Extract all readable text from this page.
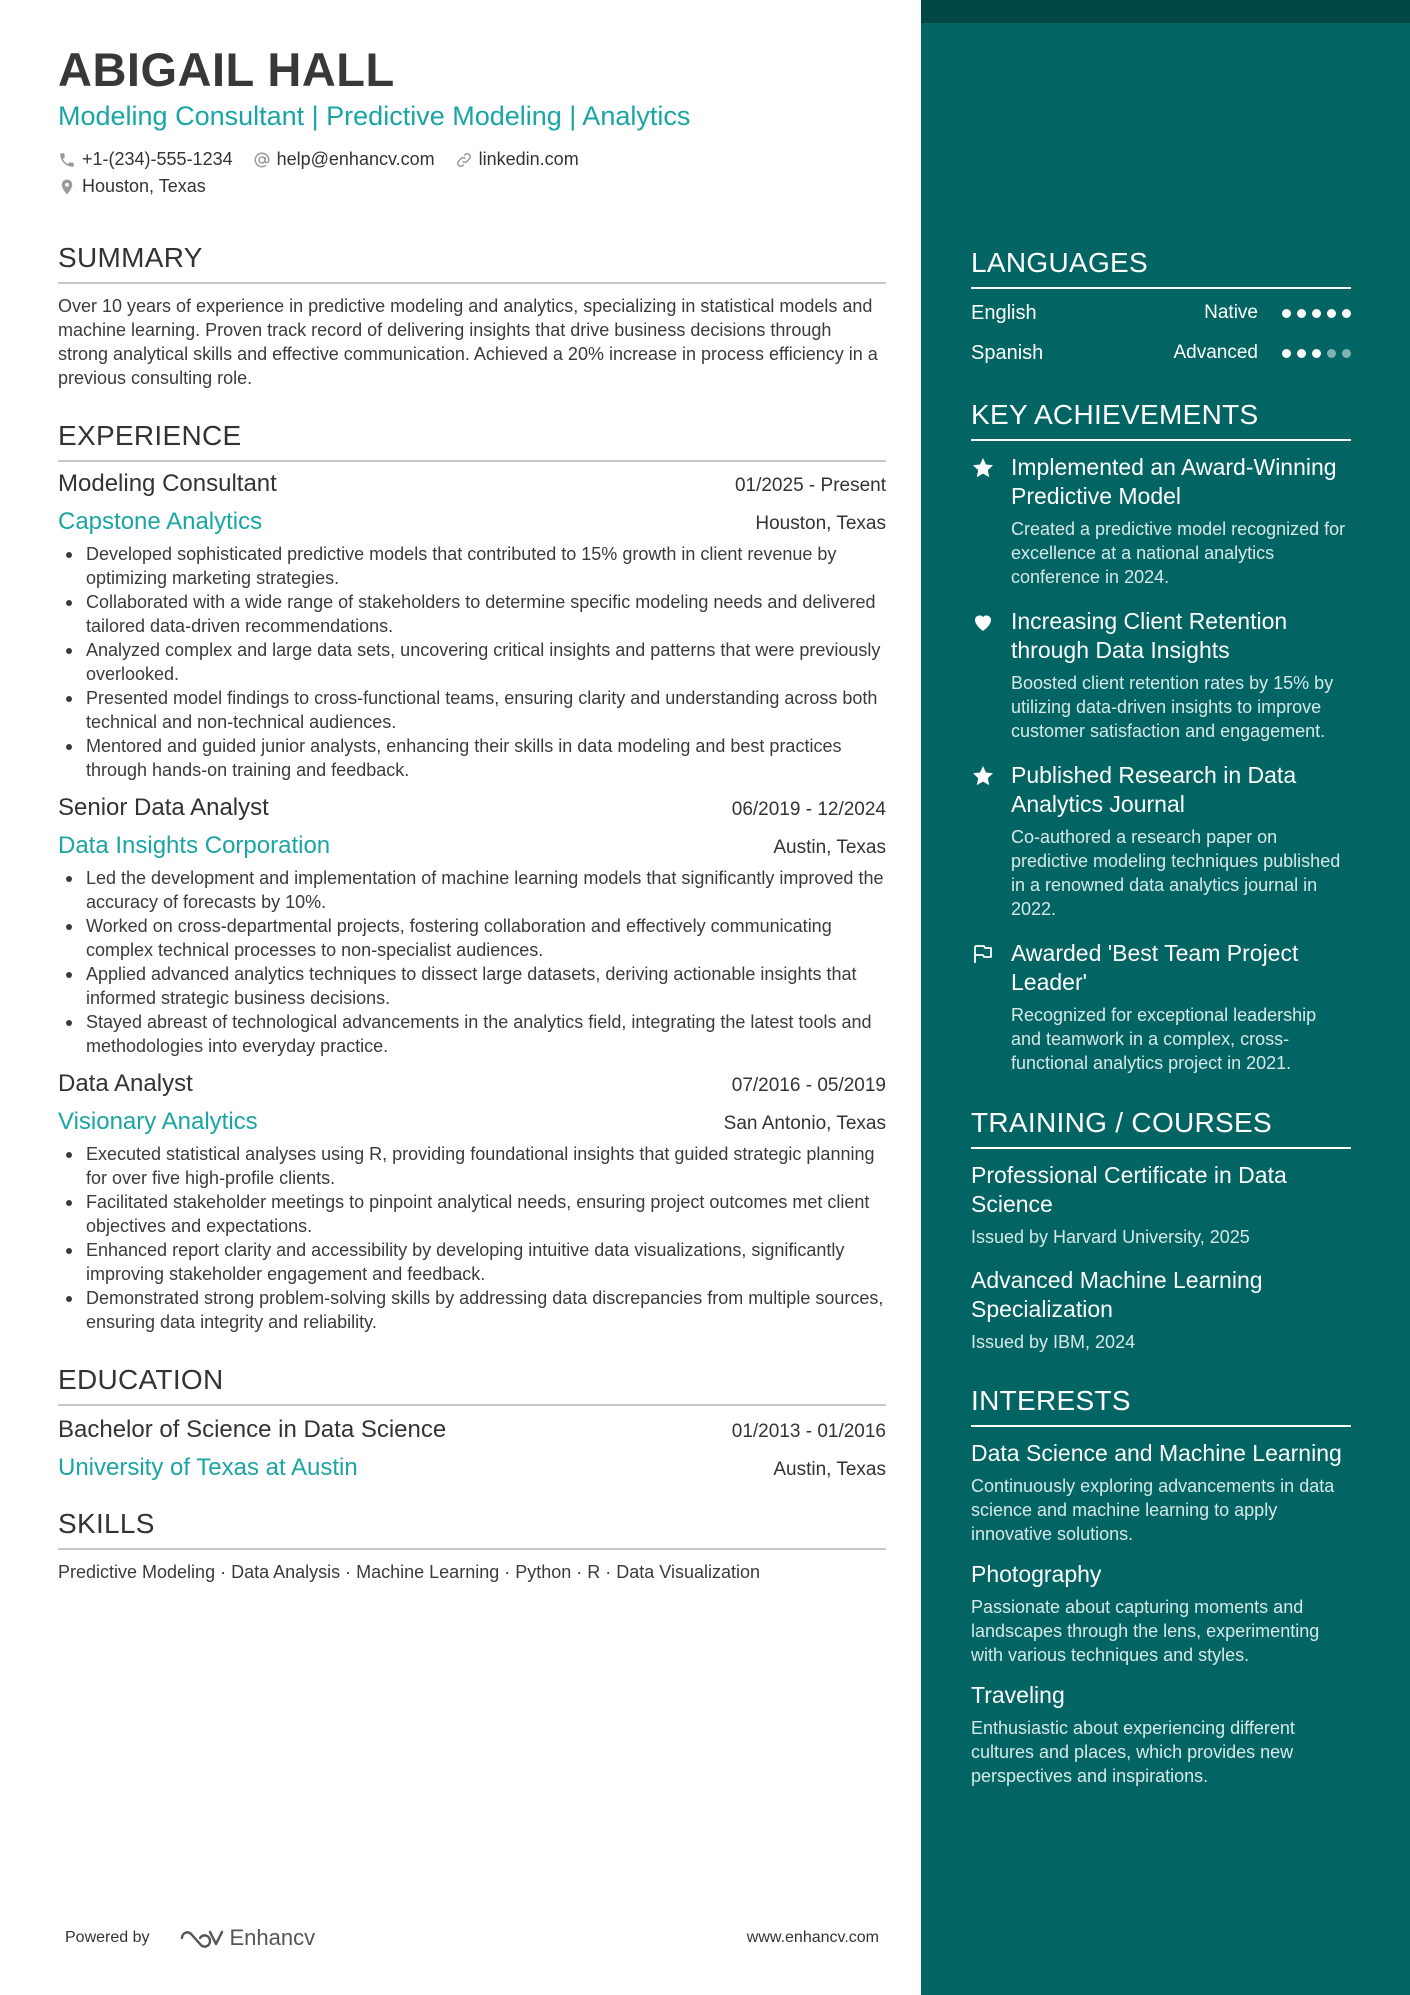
ABIGAIL HALL
Modeling Consultant | Predictive Modeling | Analytics
+1-(234)-555-1234 help@enhancv.com linkedin.com
Houston, Texas
SUMMARY
Over 10 years of experience in predictive modeling and analytics, specializing in statistical models and machine learning. Proven track record of delivering insights that drive business decisions through strong analytical skills and effective communication. Achieved a 20% increase in process efficiency in a previous consulting role.
EXPERIENCE
Modeling Consultant	01/2025 - Present
Capstone Analytics	Houston, Texas
Developed sophisticated predictive models that contributed to 15% growth in client revenue by optimizing marketing strategies.
Collaborated with a wide range of stakeholders to determine specific modeling needs and delivered tailored data-driven recommendations.
Analyzed complex and large data sets, uncovering critical insights and patterns that were previously overlooked.
Presented model findings to cross-functional teams, ensuring clarity and understanding across both technical and non-technical audiences.
Mentored and guided junior analysts, enhancing their skills in data modeling and best practices through hands-on training and feedback.
Senior Data Analyst	06/2019 - 12/2024
Data Insights Corporation	Austin, Texas
Led the development and implementation of machine learning models that significantly improved the accuracy of forecasts by 10%.
Worked on cross-departmental projects, fostering collaboration and effectively communicating complex technical processes to non-specialist audiences.
Applied advanced analytics techniques to dissect large datasets, deriving actionable insights that informed strategic business decisions.
Stayed abreast of technological advancements in the analytics field, integrating the latest tools and methodologies into everyday practice.
Data Analyst	07/2016 - 05/2019
Visionary Analytics	San Antonio, Texas
Executed statistical analyses using R, providing foundational insights that guided strategic planning for over five high-profile clients.
Facilitated stakeholder meetings to pinpoint analytical needs, ensuring project outcomes met client objectives and expectations.
Enhanced report clarity and accessibility by developing intuitive data visualizations, significantly improving stakeholder engagement and feedback.
Demonstrated strong problem-solving skills by addressing data discrepancies from multiple sources, ensuring data integrity and reliability.
EDUCATION
Bachelor of Science in Data Science	01/2013 - 01/2016
University of Texas at Austin	Austin, Texas
SKILLS
Predictive Modeling · Data Analysis · Machine Learning · Python · R · Data Visualization
LANGUAGES
English	Native
Spanish	Advanced
KEY ACHIEVEMENTS
Implemented an Award-Winning Predictive Model
Created a predictive model recognized for excellence at a national analytics conference in 2024.
Increasing Client Retention through Data Insights
Boosted client retention rates by 15% by utilizing data-driven insights to improve customer satisfaction and engagement.
Published Research in Data Analytics Journal
Co-authored a research paper on predictive modeling techniques published in a renowned data analytics journal in 2022.
Awarded 'Best Team Project Leader'
Recognized for exceptional leadership and teamwork in a complex, cross-functional analytics project in 2021.
TRAINING / COURSES
Professional Certificate in Data Science
Issued by Harvard University, 2025
Advanced Machine Learning Specialization
Issued by IBM, 2024
INTERESTS
Data Science and Machine Learning
Continuously exploring advancements in data science and machine learning to apply innovative solutions.
Photography
Passionate about capturing moments and landscapes through the lens, experimenting with various techniques and styles.
Traveling
Enthusiastic about experiencing different cultures and places, which provides new perspectives and inspirations.
Powered by	Enhancv	www.enhancv.com
